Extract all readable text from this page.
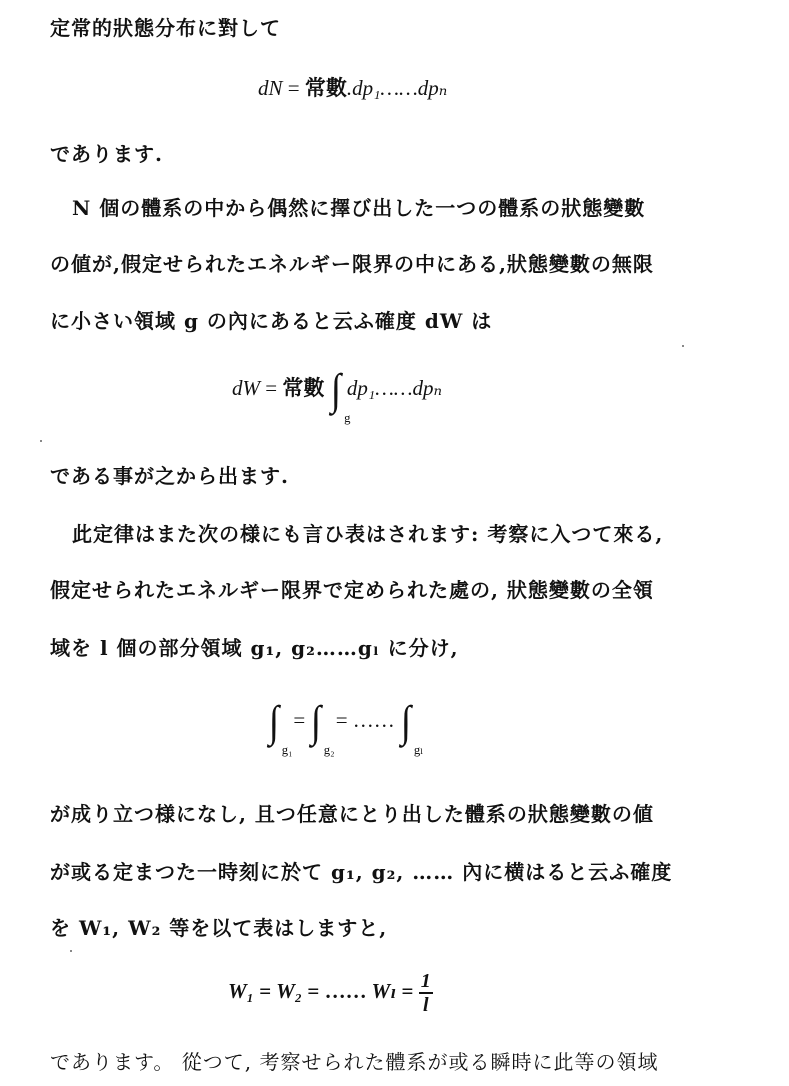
定常的狀態分布に對して
dN = 常數.dp₁……dpₙ
であります.
N 個の體系の中から偶然に擇び出した一つの體系の狀態變數
の値が,假定せられたエネルギー限界の中にある,狀態變數の無限
に小さい領域 g の內にあると云ふ確度 dW は
dW = 常數 ∫
g
dp₁……dpₙ
である事が之から出ます.
此定律はまた次の様にも言ひ表はされます: 考察に入つて來る,
假定せられたエネルギー限界で定められた處の, 狀態變數の全領
域を l 個の部分領域 g₁, g₂……gₗ に分け,
∫
g₁
= ∫
g₂
= …… ∫
gₗ
が成り立つ様になし, 且つ任意にとり出した體系の狀態變數の値
が或る定まつた一時刻に於て g₁, g₂, …… 內に横はると云ふ確度
を W₁, W₂ 等を以て表はしますと,
W₁ = W₂ = …… $W_l = \frac{1}{l}$
であります。 從つて, 考察せられた體系が或る瞬時に此等の領域
